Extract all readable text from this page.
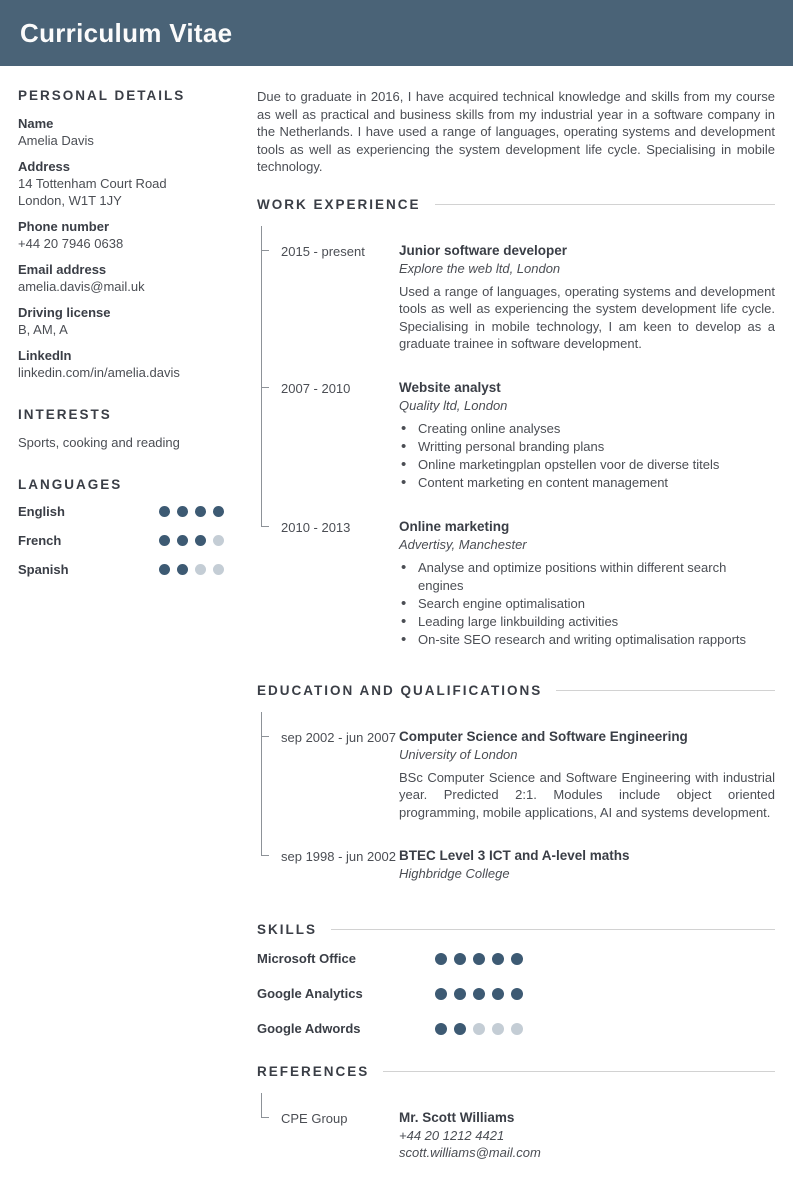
Curriculum Vitae
PERSONAL DETAILS
Name
Amelia Davis
Address
14 Tottenham Court Road
London, W1T 1JY
Phone number
+44 20 7946 0638
Email address
amelia.davis@mail.uk
Driving license
B, AM, A
LinkedIn
linkedin.com/in/amelia.davis
INTERESTS
Sports, cooking and reading
LANGUAGES
English
French
Spanish

Due to graduate in 2016, I have acquired technical knowledge and skills from my course as well as practical and business skills from my industrial year in a software company in the Netherlands. I have used a range of languages, operating systems and development tools as well as experiencing the system development life cycle. Specialising in mobile technology.

WORK EXPERIENCE
2015 - present	Junior software developer
Explore the web ltd, London

Used a range of languages, operating systems and development tools as well as experiencing the system development life cycle. Specialising in mobile technology, I am keen to develop as a graduate trainee in software development.

2007 - 2010	Website analyst
Quality ltd, London
• Creating online analyses
• Writting personal branding plans
• Online marketingplan opstellen voor de diverse titels
• Content marketing en content management
2010 - 2013	Online marketing
Advertisy, Manchester
• Analyse and optimize positions within different search engines
• Search engine optimalisation
• Leading large linkbuilding activities
• On-site SEO research and writing optimalisation rapports
EDUCATION AND QUALIFICATIONS
sep 2002 - jun 2007 Computer Science and Software Engineering
University of London

BSc Computer Science and Software Engineering with industrial year. Predicted 2:1. Modules include object oriented programming, mobile applications, AI and systems development.

sep 1998 - jun 2002 BTEC Level 3 ICT and A-level maths
Highbridge College
SKILLS
Microsoft Office
Google Analytics
Google Adwords
REFERENCES
CPE Group	Mr. Scott Williams
+44 20 1212 4421
scott.williams@mail.com
